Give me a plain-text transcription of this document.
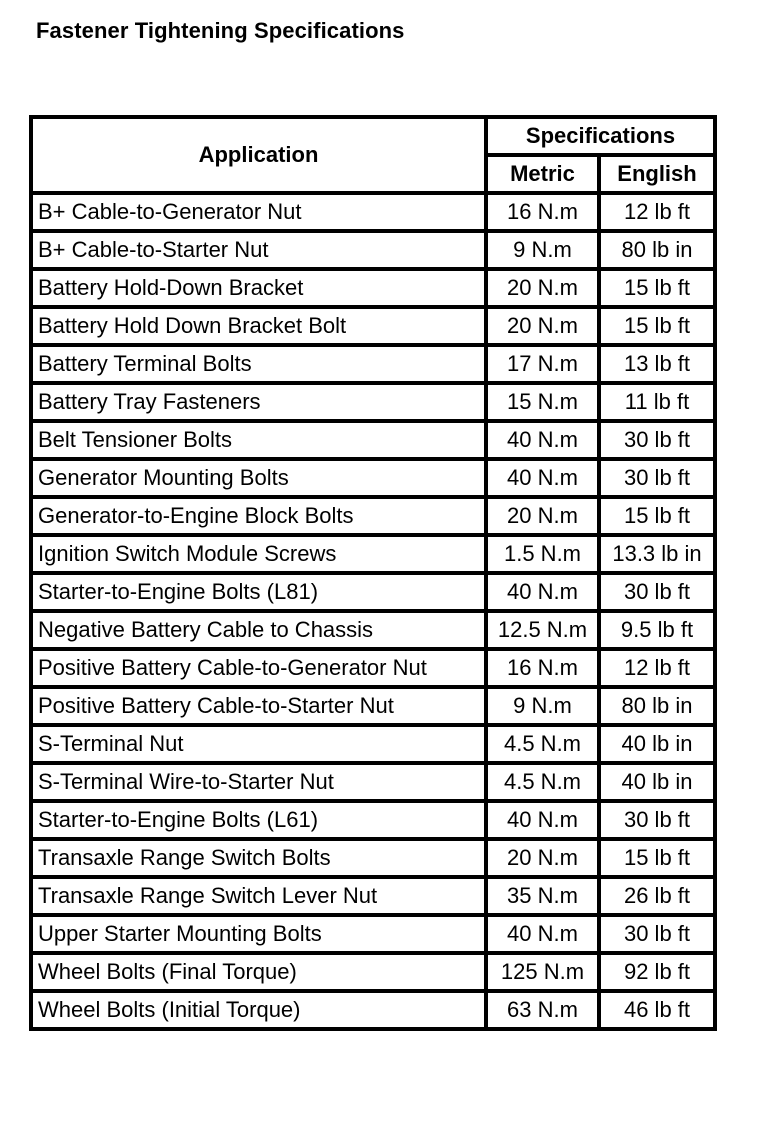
Fastener Tightening Specifications
Application	Specifications	
	Metric	English
B+ Cable-to-Generator Nut	16 N.m	12 lb ft
B+ Cable-to-Starter Nut	9 N.m	80 lb in
Battery Hold-Down Bracket	20 N.m	15 lb ft
Battery Hold Down Bracket Bolt	20 N.m	15 lb ft
Battery Terminal Bolts	17 N.m	13 lb ft
Battery Tray Fasteners	15 N.m	11 lb ft
Belt Tensioner Bolts	40 N.m	30 lb ft
Generator Mounting Bolts	40 N.m	30 lb ft
Generator-to-Engine Block Bolts	20 N.m	15 lb ft
Ignition Switch Module Screws	1.5 N.m	13.3 lb in
Starter-to-Engine Bolts (L81)	40 N.m	30 lb ft
Negative Battery Cable to Chassis	12.5 N.m	9.5 lb ft
Positive Battery Cable-to-Generator Nut	16 N.m	12 lb ft
Positive Battery Cable-to-Starter Nut	9 N.m	80 lb in
S-Terminal Nut	4.5 N.m	40 lb in
S-Terminal Wire-to-Starter Nut	4.5 N.m	40 lb in
Starter-to-Engine Bolts (L61)	40 N.m	30 lb ft
Transaxle Range Switch Bolts	20 N.m	15 lb ft
Transaxle Range Switch Lever Nut	35 N.m	26 lb ft
Upper Starter Mounting Bolts	40 N.m	30 lb ft
Wheel Bolts (Final Torque)	125 N.m	92 lb ft
Wheel Bolts (Initial Torque)	63 N.m	46 lb ft
